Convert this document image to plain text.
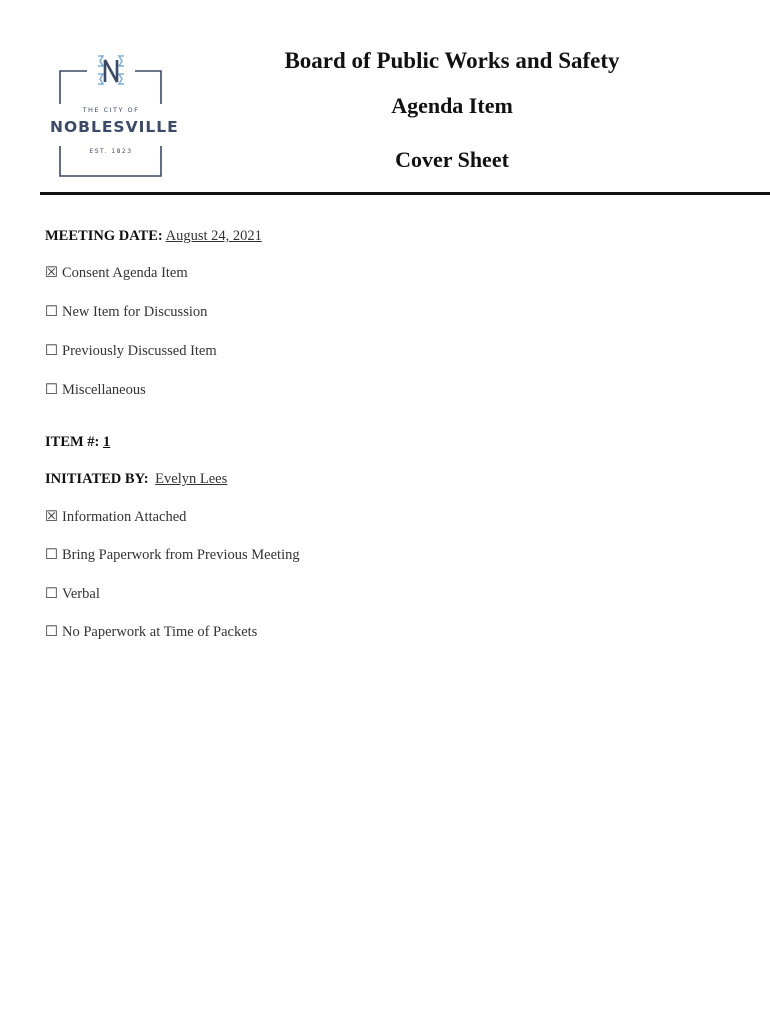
THE CITY OF
NOBLESVILLE
EST. 1823
Board of Public Works and Safety
Agenda Item
Cover Sheet
MEETING DATE: August 24, 2021
☒ Consent Agenda Item
☐ New Item for Discussion
☐ Previously Discussed Item
☐ Miscellaneous
ITEM #: 1
INITIATED BY: Evelyn Lees
☒ Information Attached
☐ Bring Paperwork from Previous Meeting
☐ Verbal
☐ No Paperwork at Time of Packets
